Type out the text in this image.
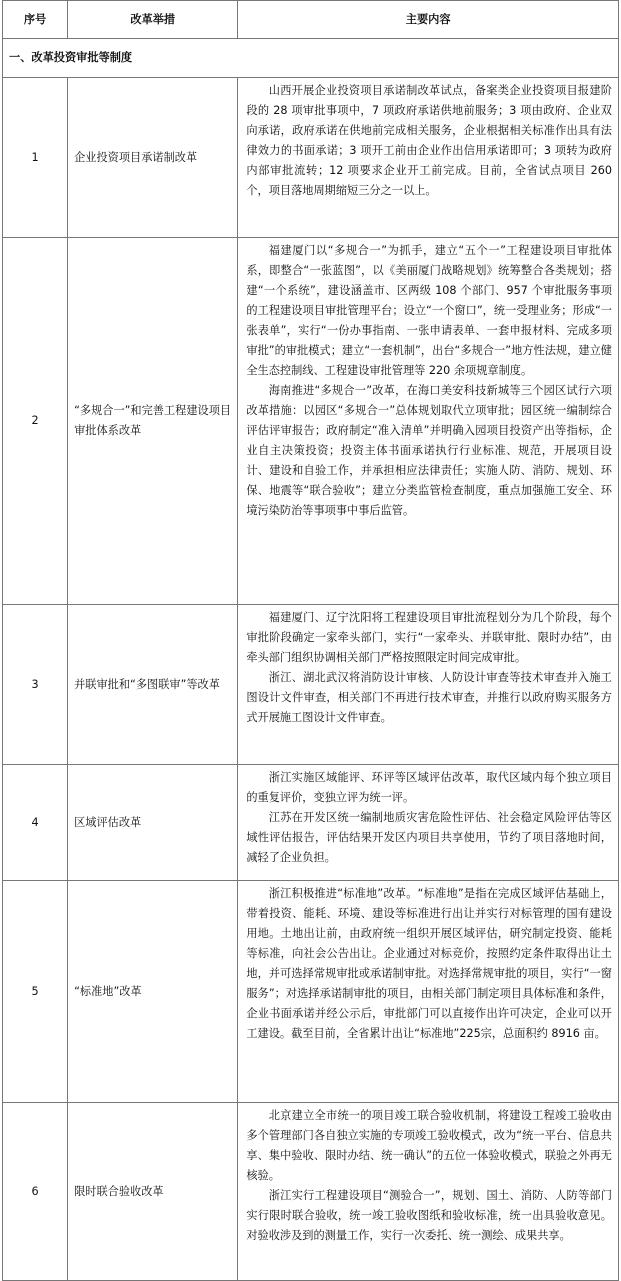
序号	改革举措	主要内容
一、改革投资审批等制度		
1	企业投资项目承诺制改革	山西开展企业投资项目承诺制改革试点，备案类企业投资项目报建阶段的 28 项审批事项中，7 项政府承诺供地前服务；3 项由政府、企业双向承诺，政府承诺在供地前完成相关服务，企业根据相关标准作出具有法律效力的书面承诺；3 项开工前由企业作出信用承诺即可；3 项转为政府内部审批流转；12 项要求企业开工前完成。目前，全省试点项目 260 个，项目落地周期缩短三分之一以上。

2	“多规合一”和完善工程建设项目审批体系改革	福建厦门以“多规合一”为抓手，建立“五个一”工程建设项目审批体系，即整合“一张蓝图”，以《美丽厦门战略规划》统筹整合各类规划；搭建“一个系统”，建设涵盖市、区两级 108 个部门、957 个审批服务事项的工程建设项目审批管理平台；设立“一个窗口”，统一受理业务；形成“一张表单”，实行“一份办事指南、一张申请表单、一套申报材料、完成多项审批”的审批模式；建立“一套机制”，出台“多规合一”地方性法规，建立健全生态控制线、工程建设审批管理等 220 余项规章制度。

海南推进“多规合一”改革，在海口美安科技新城等三个园区试行六项改革措施：以园区“多规合一”总体规划取代立项审批；园区统一编制综合评估评审报告；政府制定“准入清单”并明确入园项目投资产出等指标，企业自主决策投资；投资主体书面承诺执行行业标准、规范，开展项目设计、建设和自验工作，并承担相应法律责任；实施人防、消防、规划、环保、地震等“联合验收”；建立分类监管检查制度，重点加强施工安全、环境污染防治等事项事中事后监管。

3	并联审批和“多图联审”等改革	福建厦门、辽宁沈阳将工程建设项目审批流程划分为几个阶段，每个审批阶段确定一家牵头部门，实行“一家牵头、并联审批、限时办结”，由牵头部门组织协调相关部门严格按照限定时间完成审批。

浙江、湖北武汉将消防设计审核、人防设计审查等技术审查并入施工图设计文件审查，相关部门不再进行技术审查，并推行以政府购买服务方式开展施工图设计文件审查。

4	区域评估改革	浙江实施区域能评、环评等区域评估改革，取代区域内每个独立项目的重复评价，变独立评为统一评。

江苏在开发区统一编制地质灾害危险性评估、社会稳定风险评估等区域性评估报告，评估结果开发区内项目共享使用，节约了项目落地时间，减轻了企业负担。

5	“标准地”改革	浙江积极推进“标准地”改革。“标准地”是指在完成区域评估基础上，带着投资、能耗、环境、建设等标准进行出让并实行对标管理的国有建设用地。土地出让前，由政府统一组织开展区域评估，研究制定投资、能耗等标准，向社会公告出让。企业通过对标竞价，按照约定条件取得出让土地，并可选择常规审批或承诺制审批。对选择常规审批的项目，实行“一窗服务”；对选择承诺制审批的项目，由相关部门制定项目具体标准和条件，企业书面承诺并经公示后，审批部门可以直接作出许可决定，企业可以开工建设。截至目前，全省累计出让“标准地”225宗，总面积约 8916 亩。

6	限时联合验收改革	北京建立全市统一的项目竣工联合验收机制，将建设工程竣工验收由多个管理部门各自独立实施的专项竣工验收模式，改为“统一平台、信息共享、集中验收、限时办结、统一确认”的五位一体验收模式，联验之外再无核验。

浙江实行工程建设项目“测验合一”，规划、国土、消防、人防等部门实行限时联合验收，统一竣工验收图纸和验收标准，统一出具验收意见。对验收涉及到的测量工作，实行一次委托、统一测绘、成果共享。
